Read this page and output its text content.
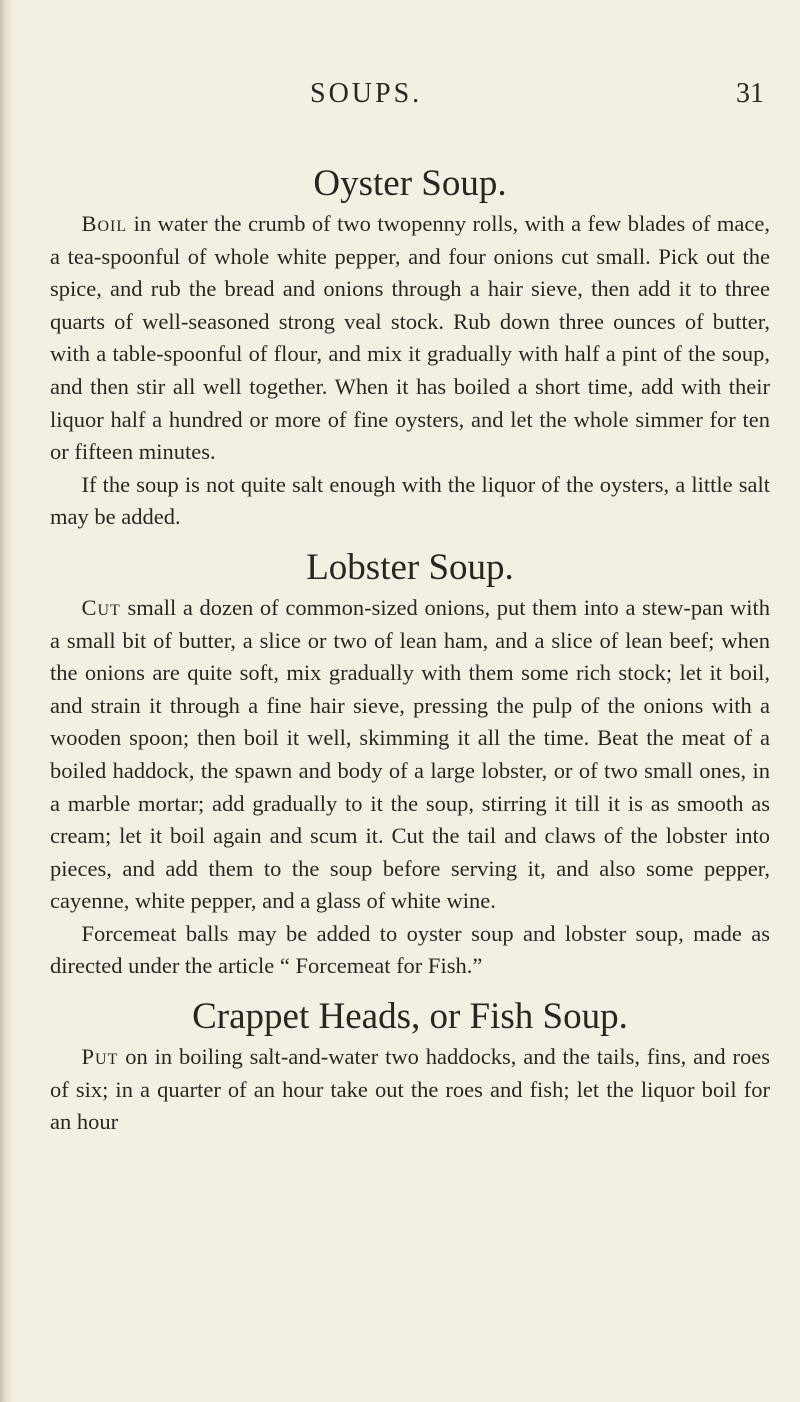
SOUPS.	31
Oyster Soup.

Boil in water the crumb of two twopenny rolls, with a few blades of mace, a tea-spoonful of whole white pepper, and four onions cut small. Pick out the spice, and rub the bread and onions through a hair sieve, then add it to three quarts of well-seasoned strong veal stock. Rub down three ounces of butter, with a table-spoonful of flour, and mix it gradually with half a pint of the soup, and then stir all well together. When it has boiled a short time, add with their liquor half a hundred or more of fine oysters, and let the whole simmer for ten or fifteen minutes.

If the soup is not quite salt enough with the liquor of the oysters, a little salt may be added.

Lobster Soup.

Cut small a dozen of common-sized onions, put them into a stew-pan with a small bit of butter, a slice or two of lean ham, and a slice of lean beef; when the onions are quite soft, mix gradually with them some rich stock; let it boil, and strain it through a fine hair sieve, pressing the pulp of the onions with a wooden spoon; then boil it well, skimming it all the time. Beat the meat of a boiled haddock, the spawn and body of a large lobster, or of two small ones, in a marble mortar; add gradually to it the soup, stirring it till it is as smooth as cream; let it boil again and scum it. Cut the tail and claws of the lobster into pieces, and add them to the soup before serving it, and also some pepper, cayenne, white pepper, and a glass of white wine.

Forcemeat balls may be added to oyster soup and lobster soup, made as directed under the article “ Forcemeat for Fish.”

Crappet Heads, or Fish Soup.

Put on in boiling salt-and-water two haddocks, and the tails, fins, and roes of six; in a quarter of an hour take out the roes and fish; let the liquor boil for an hour
